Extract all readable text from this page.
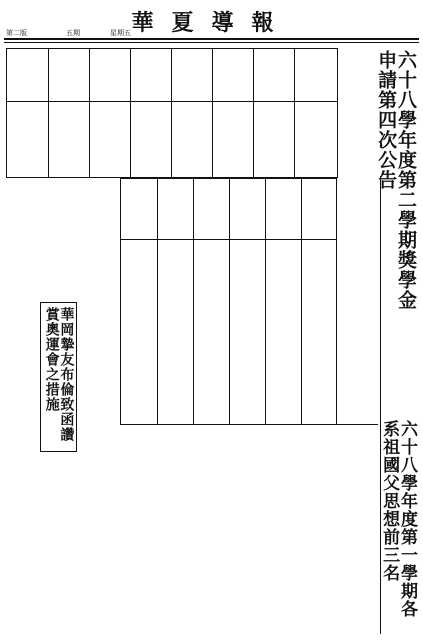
華夏導報
第二版	五期	星期五
六十八學年度第二學期獎學金申請第四次公告
華岡摯友布倫致函讚賞奧運會之措施
六十八學年度第一學期各系祖國父思想前三名
